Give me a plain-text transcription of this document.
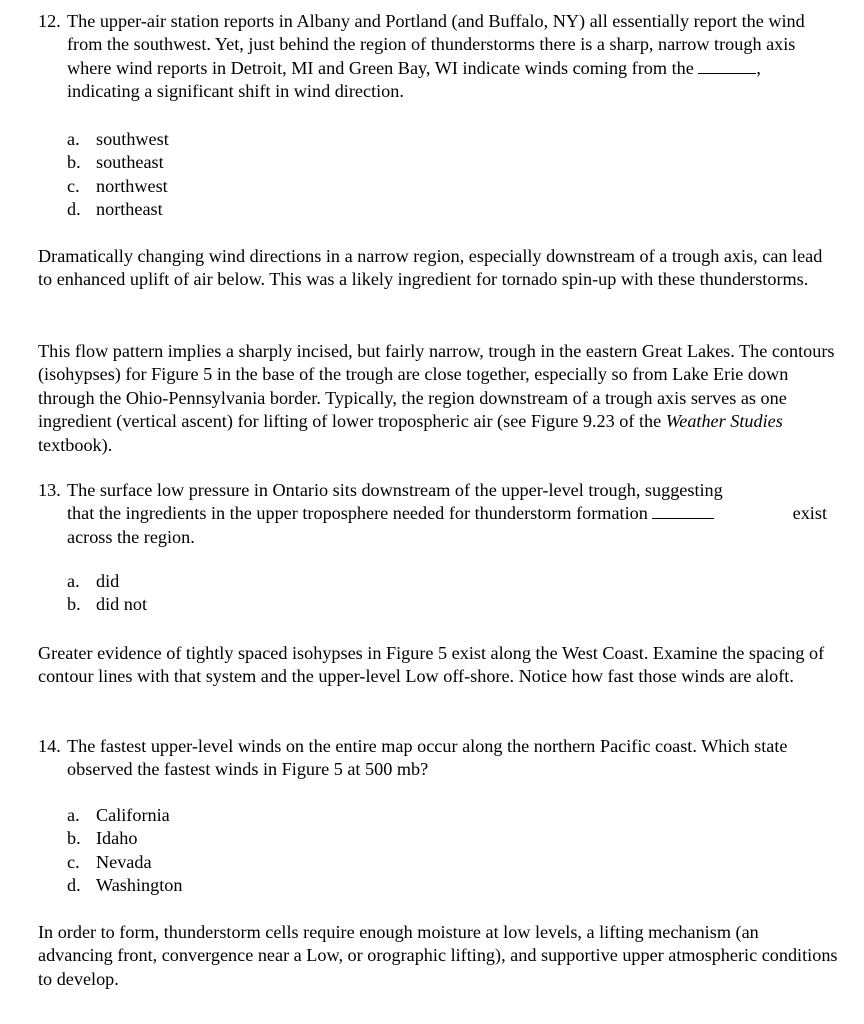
12. The upper-air station reports in Albany and Portland (and Buffalo, NY) all essentially report the wind from the southwest. Yet, just behind the region of thunderstorms there is a sharp, narrow trough axis where wind reports in Detroit, MI and Green Bay, WI indicate winds coming from the	, indicating a significant shift in wind direction.
a. southwest
b. southeast
c. northwest
d. northeast

Dramatically changing wind directions in a narrow region, especially downstream of a trough axis, can lead to enhanced uplift of air below. This was a likely ingredient for tornado spin-up with these thunderstorms.

This flow pattern implies a sharply incised, but fairly narrow, trough in the eastern Great Lakes. The contours (isohypses) for Figure 5 in the base of the trough are close together, especially so from Lake Erie down through the Ohio-Pennsylvania border. Typically, the region downstream of a trough axis serves as one ingredient (vertical ascent) for lifting of lower tropospheric air (see Figure 9.23 of the Weather Studies textbook).

13. The surface low pressure in Ontario sits downstream of the upper-level trough, suggesting
that the ingredients in the upper troposphere needed for thunderstorm formation	exist
across the region.
a. did
b. did not

Greater evidence of tightly spaced isohypses in Figure 5 exist along the West Coast. Examine the spacing of contour lines with that system and the upper-level Low off-shore. Notice how fast those winds are aloft.

14. The fastest upper-level winds on the entire map occur along the northern Pacific coast. Which state observed the fastest winds in Figure 5 at 500 mb?
a. California
b. Idaho
c. Nevada
d. Washington

In order to form, thunderstorm cells require enough moisture at low levels, a lifting mechanism (an advancing front, convergence near a Low, or orographic lifting), and supportive upper atmospheric conditions to develop.
